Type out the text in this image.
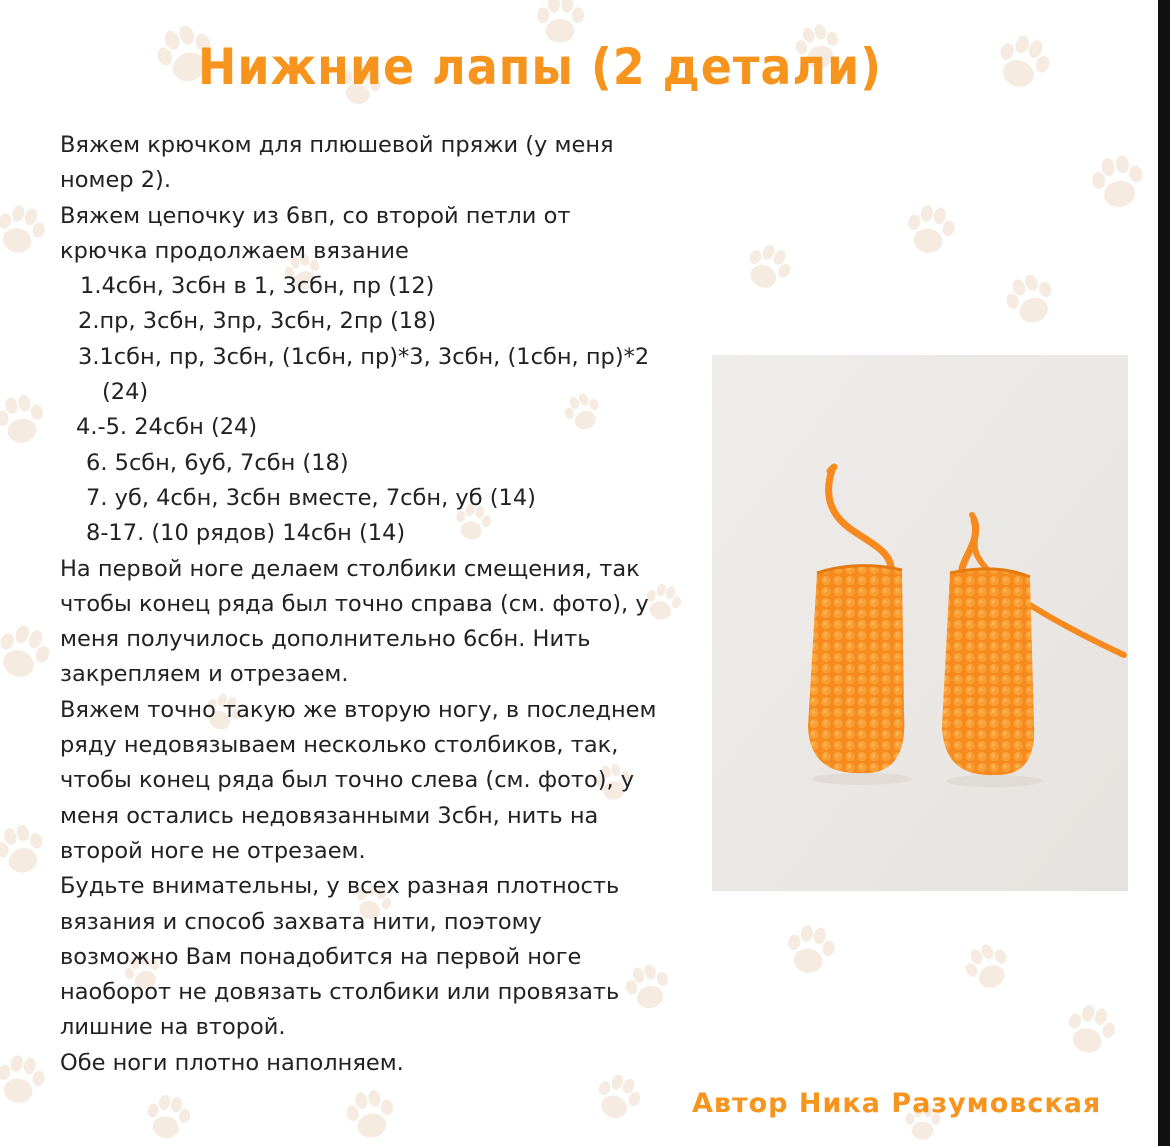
Нижние лапы (2 детали)
Вяжем крючком для плюшевой пряжи (у меня
номер 2).
Вяжем цепочку из 6вп, со второй петли от
крючка продолжаем вязание
1.4сбн, 3сбн в 1, 3сбн, пр (12)
2.пр, 3сбн, 3пр, 3сбн, 2пр (18)
3.1сбн, пр, 3сбн, (1сбн, пр)*3, 3сбн, (1сбн, пр)*2
(24)
4.-5. 24сбн (24)
6. 5сбн, 6уб, 7сбн (18)
7. уб, 4сбн, 3сбн вместе, 7сбн, уб (14)
8-17. (10 рядов) 14сбн (14)
На первой ноге делаем столбики смещения, так
чтобы конец ряда был точно справа (см. фото), у
меня получилось дополнительно 6сбн. Нить
закрепляем и отрезаем.
Вяжем точно такую же вторую ногу, в последнем
ряду недовязываем несколько столбиков, так,
чтобы конец ряда был точно слева (см. фото), у
меня остались недовязанными 3сбн, нить на
второй ноге не отрезаем.
Будьте внимательны, у всех разная плотность
вязания и способ захвата нити, поэтому
возможно Вам понадобится на первой ноге
наоборот не довязать столбики или провязать
лишние на второй.
Обе ноги плотно наполняем.
Автор Ника Разумовская
